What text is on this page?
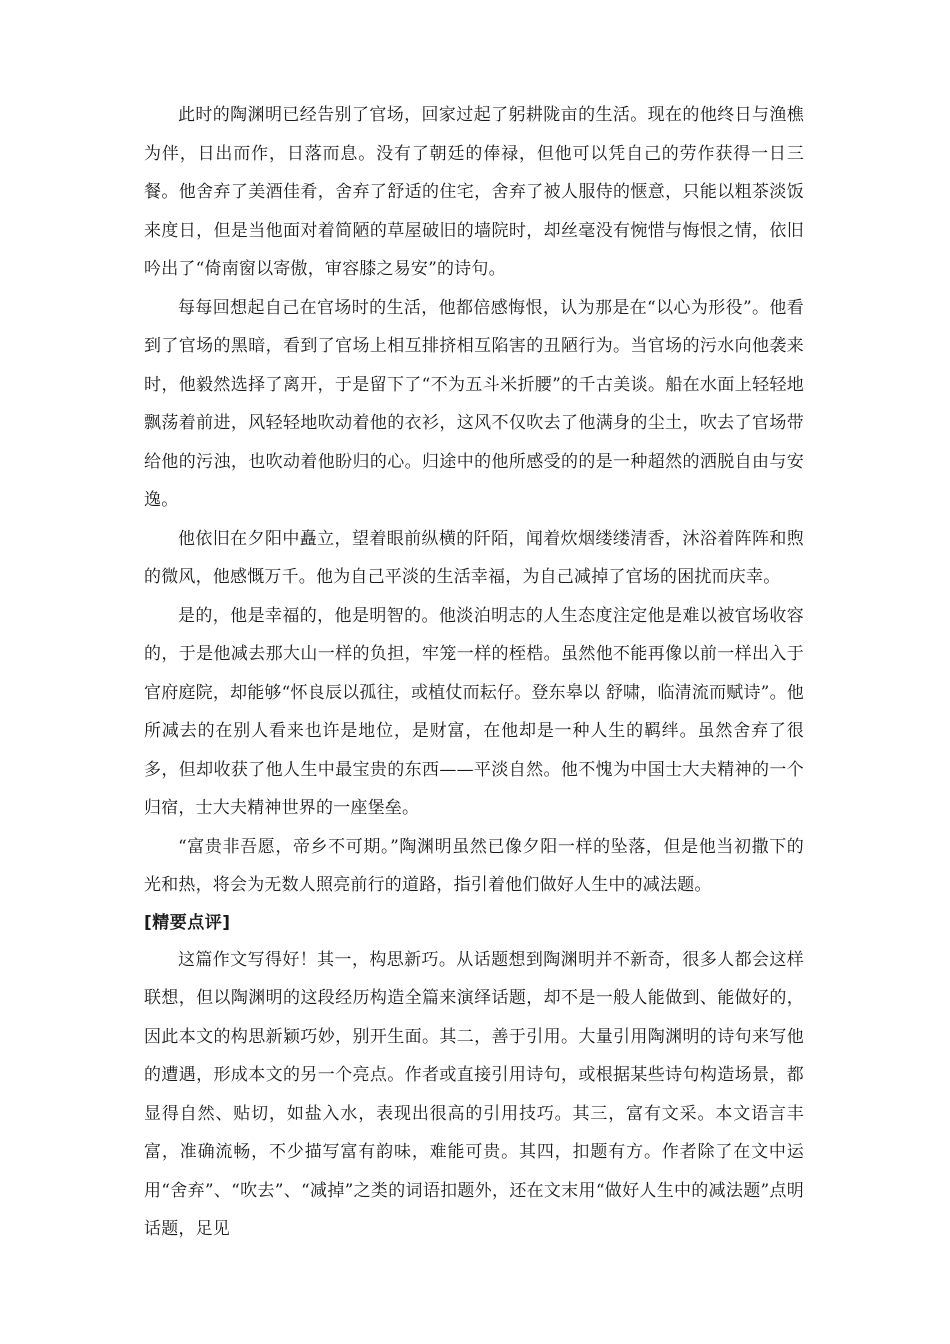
此时的陶渊明已经告别了官场，回家过起了躬耕陇亩的生活。现在的他终日与渔樵为伴，日出而作，日落而息。没有了朝廷的俸禄，但他可以凭自己的劳作获得一日三餐。他舍弃了美酒佳肴，舍弃了舒适的住宅，舍弃了被人服侍的惬意，只能以粗茶淡饭来度日，但是当他面对着简陋的草屋破旧的墙院时，却丝毫没有惋惜与悔恨之情，依旧吟出了“倚南窗以寄傲，审容膝之易安”的诗句。

每每回想起自己在官场时的生活，他都倍感悔恨，认为那是在“以心为形役”。他看到了官场的黑暗，看到了官场上相互排挤相互陷害的丑陋行为。当官场的污水向他袭来时，他毅然选择了离开，于是留下了“不为五斗米折腰”的千古美谈。船在水面上轻轻地飘荡着前进，风轻轻地吹动着他的衣衫，这风不仅吹去了他满身的尘土，吹去了官场带给他的污浊，也吹动着他盼归的心。归途中的他所感受的的是一种超然的洒脱自由与安逸。

他依旧在夕阳中矗立，望着眼前纵横的阡陌，闻着炊烟缕缕清香，沐浴着阵阵和煦的微风，他感慨万千。他为自己平淡的生活幸福，为自己减掉了官场的困扰而庆幸。

是的，他是幸福的，他是明智的。他淡泊明志的人生态度注定他是难以被官场收容的，于是他减去那大山一样的负担，牢笼一样的桎梏。虽然他不能再像以前一样出入于官府庭院，却能够“怀良辰以孤往，或植仗而耘仔。登东皋以 舒啸，临清流而赋诗”。他所减去的在别人看来也许是地位，是财富，在他却是一种人生的羁绊。虽然舍弃了很多，但却收获了他人生中最宝贵的东西——平淡自然。他不愧为中国士大夫精神的一个归宿，士大夫精神世界的一座堡垒。

“富贵非吾愿，帝乡不可期。”陶渊明虽然已像夕阳一样的坠落，但是他当初撒下的光和热，将会为无数人照亮前行的道路，指引着他们做好人生中的减法题。

[精要点评]

这篇作文写得好！其一，构思新巧。从话题想到陶渊明并不新奇，很多人都会这样联想，但以陶渊明的这段经历构造全篇来演绎话题，却不是一般人能做到、能做好的，因此本文的构思新颖巧妙，别开生面。其二，善于引用。大量引用陶渊明的诗句来写他的遭遇，形成本文的另一个亮点。作者或直接引用诗句，或根据某些诗句构造场景，都显得自然、贴切，如盐入水，表现出很高的引用技巧。其三，富有文采。本文语言丰富，准确流畅，不少描写富有韵味，难能可贵。其四，扣题有方。作者除了在文中运用“舍弃”、“吹去”、“减掉”之类的词语扣题外，还在文末用“做好人生中的减法题”点明话题，足见
